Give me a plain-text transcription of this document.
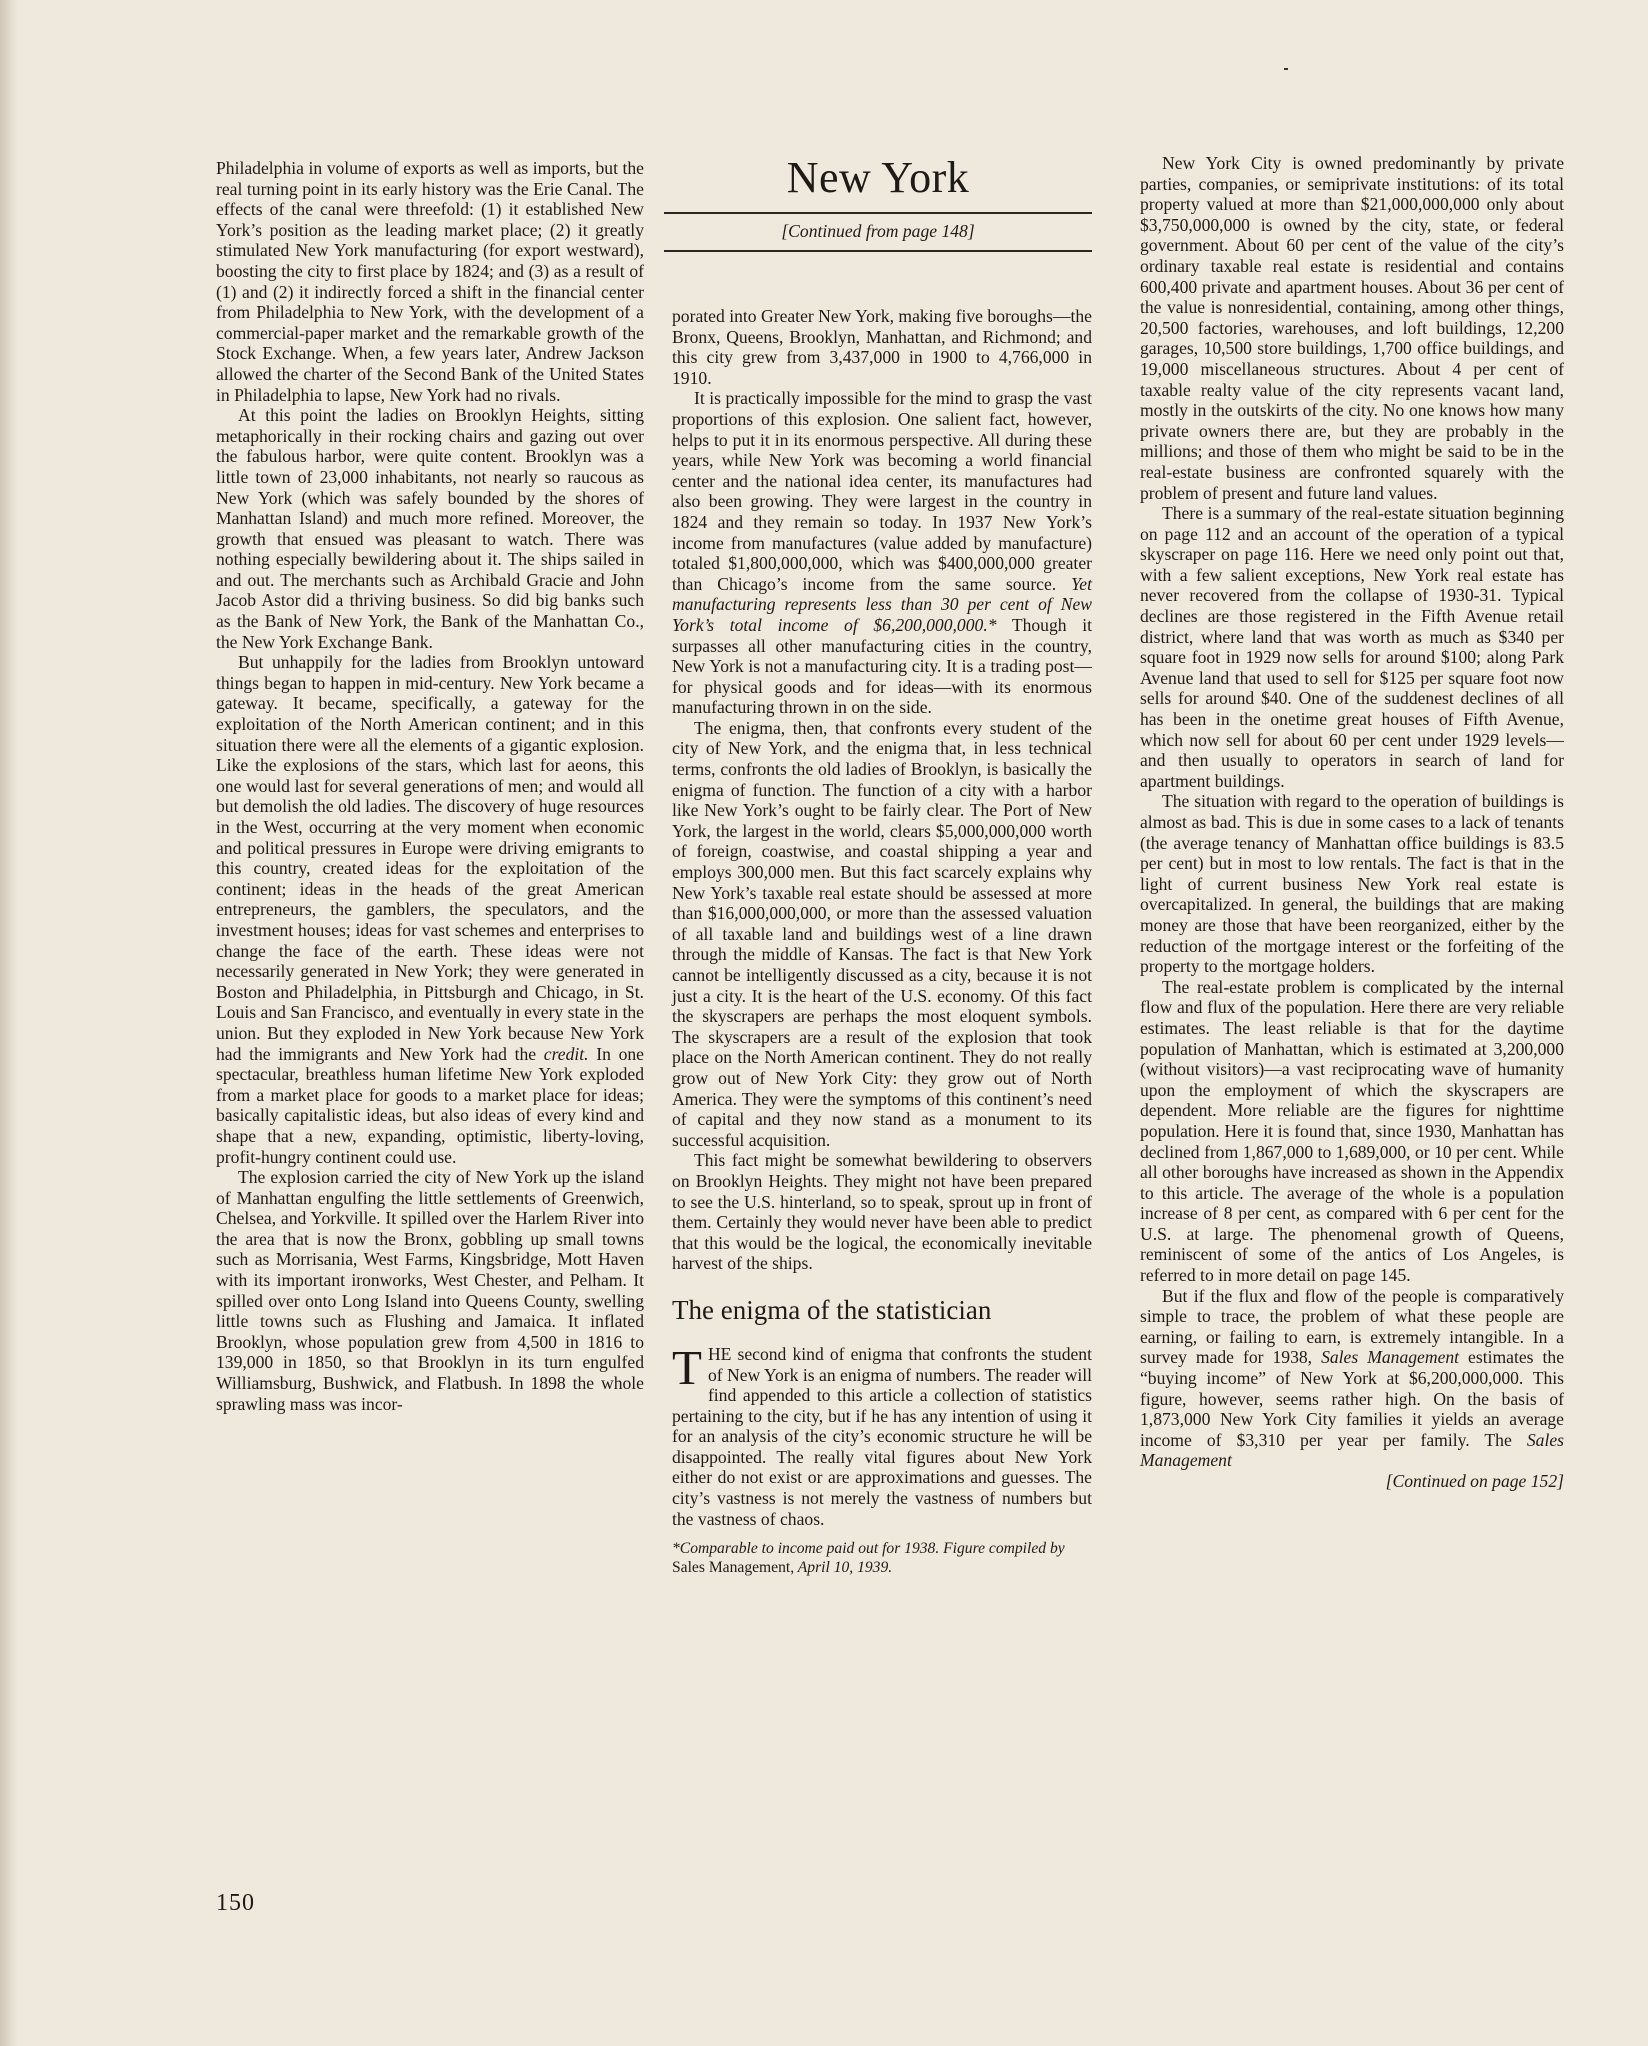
Philadelphia in volume of exports as well as imports, but the real turning point in its early history was the Erie Canal. The effects of the canal were threefold: (1) it established New York’s position as the leading market place; (2) it greatly stimulated New York manufacturing (for export westward), boosting the city to first place by 1824; and (3) as a result of (1) and (2) it indirectly forced a shift in the financial center from Philadelphia to New York, with the development of a commercial-paper market and the remarkable growth of the Stock Exchange. When, a few years later, Andrew Jackson allowed the charter of the Second Bank of the United States in Philadelphia to lapse, New York had no rivals.

At this point the ladies on Brooklyn Heights, sitting metaphorically in their rocking chairs and gazing out over the fabulous harbor, were quite content. Brooklyn was a little town of 23,000 inhabitants, not nearly so raucous as New York (which was safely bounded by the shores of Manhattan Island) and much more refined. Moreover, the growth that ensued was pleasant to watch. There was nothing especially bewildering about it. The ships sailed in and out. The merchants such as Archibald Gracie and John Jacob Astor did a thriving business. So did big banks such as the Bank of New York, the Bank of the Manhattan Co., the New York Exchange Bank.

But unhappily for the ladies from Brooklyn untoward things began to happen in mid-century. New York became a gateway. It became, specifically, a gateway for the exploitation of the North American continent; and in this situation there were all the elements of a gigantic explosion. Like the explosions of the stars, which last for aeons, this one would last for several generations of men; and would all but demolish the old ladies. The discovery of huge resources in the West, occurring at the very moment when economic and political pressures in Europe were driving emigrants to this country, created ideas for the exploitation of the continent; ideas in the heads of the great American entrepreneurs, the gamblers, the speculators, and the investment houses; ideas for vast schemes and enterprises to change the face of the earth. These ideas were not necessarily generated in New York; they were generated in Boston and Philadelphia, in Pittsburgh and Chicago, in St. Louis and San Francisco, and eventually in every state in the union. But they exploded in New York because New York had the immigrants and New York had the credit. In one spectacular, breathless human lifetime New York exploded from a market place for goods to a market place for ideas; basically capitalistic ideas, but also ideas of every kind and shape that a new, expanding, optimistic, liberty-loving, profit-hungry continent could use.

The explosion carried the city of New York up the island of Manhattan engulfing the little settlements of Greenwich, Chelsea, and Yorkville. It spilled over the Harlem River into the area that is now the Bronx, gobbling up small towns such as Morrisania, West Farms, Kingsbridge, Mott Haven with its important ironworks, West Chester, and Pelham. It spilled over onto Long Island into Queens County, swelling little towns such as Flushing and Jamaica. It inflated Brooklyn, whose population grew from 4,500 in 1816 to 139,000 in 1850, so that Brooklyn in its turn engulfed Williamsburg, Bushwick, and Flatbush. In 1898 the whole sprawling mass was incor-

New York
[Continued from page 148]

porated into Greater New York, making five boroughs—the Bronx, Queens, Brooklyn, Manhattan, and Richmond; and this city grew from 3,437,000 in 1900 to 4,766,000 in 1910.

It is practically impossible for the mind to grasp the vast proportions of this explosion. One salient fact, however, helps to put it in its enormous perspective. All during these years, while New York was becoming a world financial center and the national idea center, its manufactures had also been growing. They were largest in the country in 1824 and they remain so today. In 1937 New York’s income from manufactures (value added by manufacture) totaled $1,800,000,000, which was $400,000,000 greater than Chicago’s income from the same source. Yet manufacturing represents less than 30 per cent of New York’s total income of $6,200,000,000.* Though it surpasses all other manufacturing cities in the country, New York is not a manufacturing city. It is a trading post—for physical goods and for ideas—with its enormous manufacturing thrown in on the side.

The enigma, then, that confronts every student of the city of New York, and the enigma that, in less technical terms, confronts the old ladies of Brooklyn, is basically the enigma of function. The function of a city with a harbor like New York’s ought to be fairly clear. The Port of New York, the largest in the world, clears $5,000,000,000 worth of foreign, coastwise, and coastal shipping a year and employs 300,000 men. But this fact scarcely explains why New York’s taxable real estate should be assessed at more than $16,000,000,000, or more than the assessed valuation of all taxable land and buildings west of a line drawn through the middle of Kansas. The fact is that New York cannot be intelligently discussed as a city, because it is not just a city. It is the heart of the U.S. economy. Of this fact the skyscrapers are perhaps the most eloquent symbols. The skyscrapers are a result of the explosion that took place on the North American continent. They do not really grow out of New York City: they grow out of North America. They were the symptoms of this continent’s need of capital and they now stand as a monument to its successful acquisition.

This fact might be somewhat bewildering to observers on Brooklyn Heights. They might not have been prepared to see the U.S. hinterland, so to speak, sprout up in front of them. Certainly they would never have been able to predict that this would be the logical, the economically inevitable harvest of the ships.

The enigma of the statistician

THE second kind of enigma that confronts the student of New York is an enigma of numbers. The reader will find appended to this article a collection of statistics pertaining to the city, but if he has any intention of using it for an analysis of the city’s economic structure he will be disappointed. The really vital figures about New York either do not exist or are approximations and guesses. The city’s vastness is not merely the vastness of numbers but the vastness of chaos.

*Comparable to income paid out for 1938. Figure compiled by Sales Management, April 10, 1939.

New York City is owned predominantly by private parties, companies, or semiprivate institutions: of its total property valued at more than $21,000,000,000 only about $3,750,000,000 is owned by the city, state, or federal government. About 60 per cent of the value of the city’s ordinary taxable real estate is residential and contains 600,400 private and apartment houses. About 36 per cent of the value is nonresidential, containing, among other things, 20,500 factories, warehouses, and loft buildings, 12,200 garages, 10,500 store buildings, 1,700 office buildings, and 19,000 miscellaneous structures. About 4 per cent of taxable realty value of the city represents vacant land, mostly in the outskirts of the city. No one knows how many private owners there are, but they are probably in the millions; and those of them who might be said to be in the real-estate business are confronted squarely with the problem of present and future land values.

There is a summary of the real-estate situation beginning on page 112 and an account of the operation of a typical skyscraper on page 116. Here we need only point out that, with a few salient exceptions, New York real estate has never recovered from the collapse of 1930-31. Typical declines are those registered in the Fifth Avenue retail district, where land that was worth as much as $340 per square foot in 1929 now sells for around $100; along Park Avenue land that used to sell for $125 per square foot now sells for around $40. One of the suddenest declines of all has been in the onetime great houses of Fifth Avenue, which now sell for about 60 per cent under 1929 levels—and then usually to operators in search of land for apartment buildings.

The situation with regard to the operation of buildings is almost as bad. This is due in some cases to a lack of tenants (the average tenancy of Manhattan office buildings is 83.5 per cent) but in most to low rentals. The fact is that in the light of current business New York real estate is overcapitalized. In general, the buildings that are making money are those that have been reorganized, either by the reduction of the mortgage interest or the forfeiting of the property to the mortgage holders.

The real-estate problem is complicated by the internal flow and flux of the population. Here there are very reliable estimates. The least reliable is that for the daytime population of Manhattan, which is estimated at 3,200,000 (without visitors)—a vast reciprocating wave of humanity upon the employment of which the skyscrapers are dependent. More reliable are the figures for nighttime population. Here it is found that, since 1930, Manhattan has declined from 1,867,000 to 1,689,000, or 10 per cent. While all other boroughs have increased as shown in the Appendix to this article. The average of the whole is a population increase of 8 per cent, as compared with 6 per cent for the U.S. at large. The phenomenal growth of Queens, reminiscent of some of the antics of Los Angeles, is referred to in more detail on page 145.

But if the flux and flow of the people is comparatively simple to trace, the problem of what these people are earning, or failing to earn, is extremely intangible. In a survey made for 1938, Sales Management estimates the “buying income” of New York at $6,200,000,000. This figure, however, seems rather high. On the basis of 1,873,000 New York City families it yields an average income of $3,310 per year per family. The Sales Management

[Continued on page 152]
150
